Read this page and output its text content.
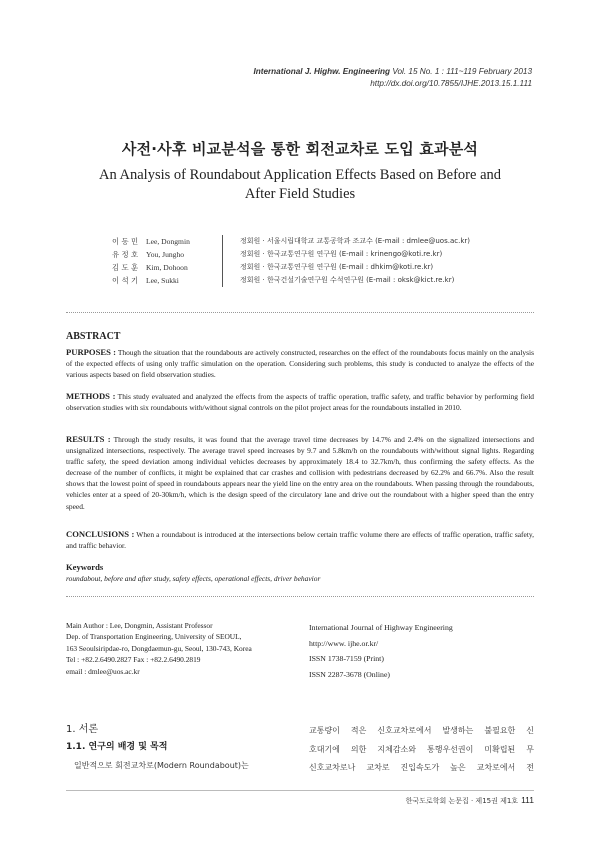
International J. Highw. Engineering Vol. 15 No. 1 : 111~119 February 2013
http://dx.doi.org/10.7855/IJHE.2013.15.1.111
사전·사후 비교분석을 통한 회전교차로 도입 효과분석
An Analysis of Roundabout Application Effects Based on Before and
After Field Studies
이 동 민	Lee, Dongmin		정회원 · 서울시립대학교 교통공학과 조교수 (E-mail : dmlee@uos.ac.kr)
유 정 호	You, Jungho		정회원 · 한국교통연구원 연구원 (E-mail : krinengo@koti.re.kr)
김 도 훈	Kim, Dohoon		정회원 · 한국교통연구원 연구원 (E-mail : dhkim@koti.re.kr)
이 석 기	Lee, Sukki		정회원 · 한국건설기술연구원 수석연구원 (E-mail : oksk@kict.re.kr)
ABSTRACT
PURPOSES : Though the situation that the roundabouts are actively constructed, researches on the effect of the roundabouts focus mainly on the analysis of the expected effects of using only traffic simulation on the operation. Considering such problems, this study is conducted to analyze the effects of the various aspects based on field observation studies.
METHODS : This study evaluated and analyzed the effects from the aspects of traffic operation, traffic safety, and traffic behavior by performing field observation studies with six roundabouts with/without signal controls on the pilot project areas for the roundabouts installed in 2010.
RESULTS : Through the study results, it was found that the average travel time decreases by 14.7% and 2.4% on the signalized intersections and unsignalized intersections, respectively. The average travel speed increases by 9.7 and 5.8km/h on the roundabouts with/without signal lights. Regarding traffic safety, the speed deviation among individual vehicles decreases by approximately 18.4 to 32.7km/h, thus confirming the safety effects. As the decrease of the number of conflicts, it might be explained that car crashes and collision with pedestrians decreased by 62.2% and 66.7%. Also the result shows that the lowest point of speed in roundabouts appears near the yield line on the entry area on the roundabouts. When passing through the roundabouts, vehicles enter at a speed of 20-30km/h, which is the design speed of the circulatory lane and drive out the roundabout with a higher speed than the entry speed.
CONCLUSIONS : When a roundabout is introduced at the intersections below certain traffic volume there are effects of traffic operation, traffic safety, and traffic behavior.
Keywords
roundabout, before and after study, safety effects, operational effects, driver behavior
Main Author : Lee, Dongmin, Assistant Professor
Dep. of Transportation Engineering, University of SEOUL,
163 Seoulsiripdae-ro, Dongdaemun-gu, Seoul, 130-743, Korea
Tel : +82.2.6490.2827 Fax : +82.2.6490.2819
email : dmlee@uos.ac.kr
International Journal of Highway Engineering
http://www. ijhe.or.kr/
ISSN 1738-7159 (Print)
ISSN 2287-3678 (Online)
1. 서론
1.1. 연구의 배경 및 목적
일반적으로 회전교차로(Modern Roundabout)는
교통량이 적은 신호교차로에서 발생하는 불필요한 신
호대기에 의한 지체감소와 통행우선권이 미확립된 무
신호교차로나 교차로 진입속도가 높은 교차로에서 전
한국도로학회 논문집 · 제15권 제1호 111
